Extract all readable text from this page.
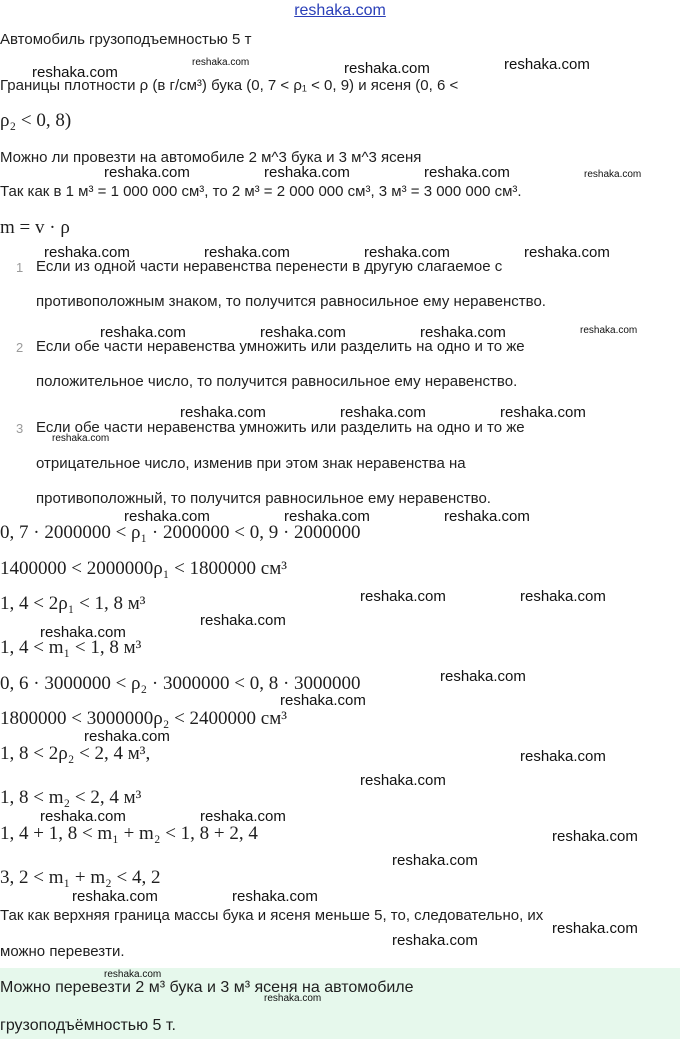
reshaka.com
Автомобиль грузоподъемностью 5 т
Границы плотности ρ (в г/см³) бука (0, 7 < ρ₁ < 0, 9) и ясеня (0, 6 <
ρ₂ < 0, 8)
Можно ли провезти на автомобиле 2 м^3 бука и 3 м^3 ясеня
Так как в 1 м³ = 1 000 000 см³, то 2 м³ = 2 000 000 см³, 3 м³ = 3 000 000 см³.
m = v · ρ
1 Если из одной части неравенства перенести в другую слагаемое с
противоположным знаком, то получится равносильное ему неравенство.
2 Если обе части неравенства умножить или разделить на одно и то же
положительное число, то получится равносильное ему неравенство.
3 Если обе части неравенства умножить или разделить на одно и то же
отрицательное число, изменив при этом знак неравенства на
противоположный, то получится равносильное ему неравенство.
0, 7 · 2000000 < ρ₁ · 2000000 < 0, 9 · 2000000
1400000 < 2000000ρ₁ < 1800000 см³
1, 4 < 2ρ₁ < 1, 8 м³
1, 4 < m₁ < 1, 8 м³
0, 6 · 3000000 < ρ₂ · 3000000 < 0, 8 · 3000000
1800000 < 3000000ρ₂ < 2400000 см³
1, 8 < 2ρ₂ < 2, 4 м³,
1, 8 < m₂ < 2, 4 м³
1, 4 + 1, 8 < m₁ + m₂ < 1, 8 + 2, 4
3, 2 < m₁ + m₂ < 4, 2
Так как верхняя граница массы бука и ясеня меньше 5, то, следовательно, их
можно перевезти.
Можно перевезти 2 м³ бука и 3 м³ ясеня на автомобиле
грузоподъёмностью 5 т.
reshaka.com
reshaka.com	reshaka.com	reshaka.com
reshaka.com	reshaka.com	reshaka.com	reshaka.com
reshaka.com	reshaka.com	reshaka.com	reshaka.com
reshaka.com	reshaka.com	reshaka.com	reshaka.com
reshaka.com	reshaka.com	reshaka.com
reshaka.com
reshaka.com	reshaka.com	reshaka.com
reshaka.com	reshaka.com
reshaka.com
reshaka.com
reshaka.com
reshaka.com
reshaka.com
reshaka.com
reshaka.com
reshaka.com	reshaka.com
reshaka.com
reshaka.com
reshaka.com	reshaka.com
reshaka.com
reshaka.com
reshaka.com
reshaka.com
